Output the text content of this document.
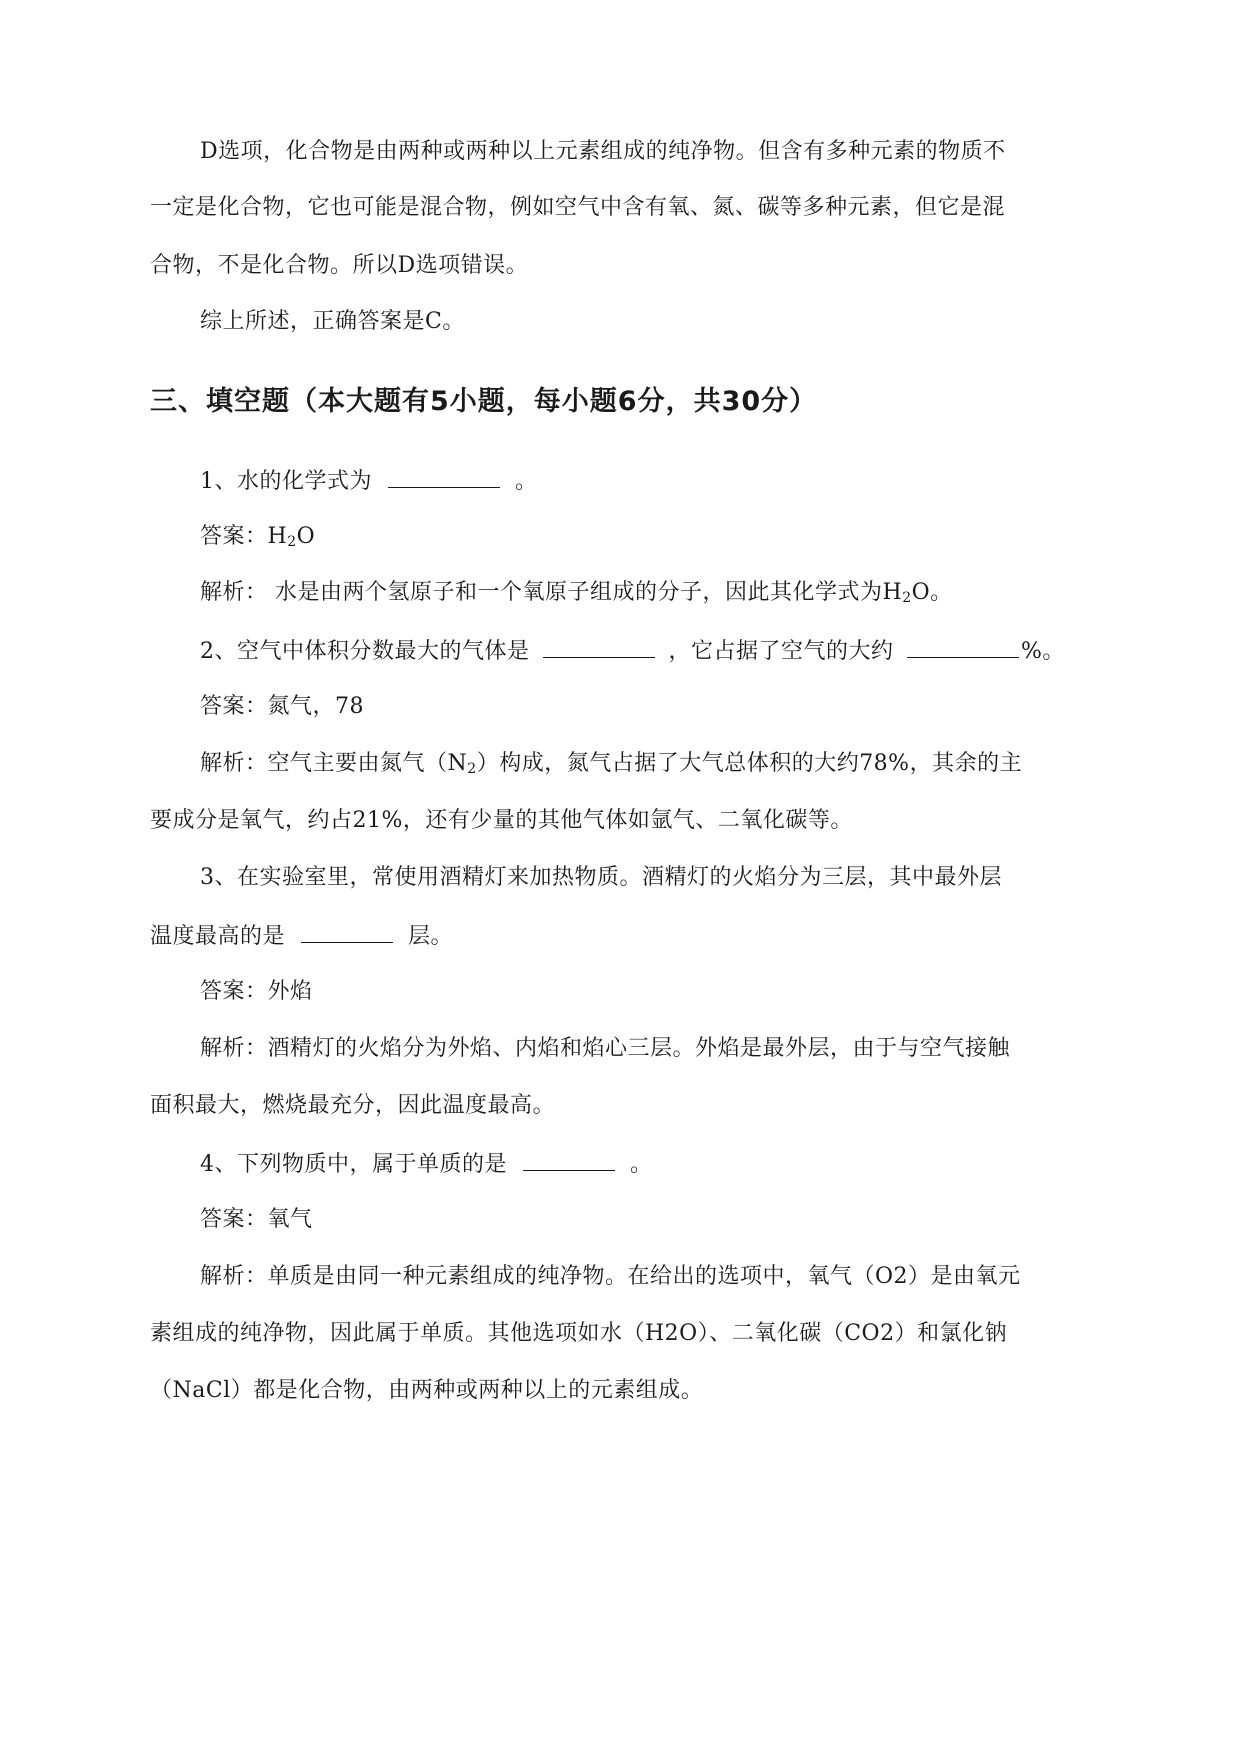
D选项，化合物是由两种或两种以上元素组成的纯净物。但含有多种元素的物质不
一定是化合物，它也可能是混合物，例如空气中含有氧、氮、碳等多种元素，但它是混
合物，不是化合物。所以D选项错误。
综上所述，正确答案是C。
三、填空题（本大题有5小题，每小题6分，共30分）
1、水的化学式为	。
答案：$H_2O$
解析： 水是由两个氢原子和一个氧原子组成的分子，因此其化学式为$H_2O$。
2、空气中体积分数最大的气体是	，它占据了空气的大约	%。
答案：氮气，78
解析：空气主要由氮气$(N_2)$构成，氮气占据了大气总体积的大约78%，其余的主
要成分是氧气，约占21%，还有少量的其他气体如氩气、二氧化碳等。
3、在实验室里，常使用酒精灯来加热物质。酒精灯的火焰分为三层，其中最外层
温度最高的是	层。
答案：外焰
解析：酒精灯的火焰分为外焰、内焰和焰心三层。外焰是最外层，由于与空气接触
面积最大，燃烧最充分，因此温度最高。
4、下列物质中，属于单质的是	。
答案：氧气
解析：单质是由同一种元素组成的纯净物。在给出的选项中，氧气（O2）是由氧元
素组成的纯净物，因此属于单质。其他选项如水（H2O）、二氧化碳（CO2）和氯化钠
（NaCl）都是化合物，由两种或两种以上的元素组成。
